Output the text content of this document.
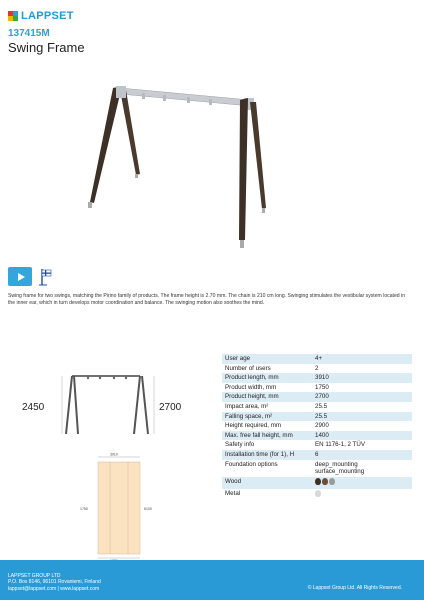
LAPPSET
137415M
Swing Frame
Swing frame for two swings, matching the Pirino family of products. The frame height is 2.70 mm. The chain is 210 cm long. Swinging stimulates the vestibular system located in the inner ear, which in turn develops motor coordination and balance. The swinging motion also soothes the mind.
2450	2700
3910
1750	6100
User age	4+
Number of users	2
Product length, mm	3910
Product width, mm	1750
Product height, mm	2700
Impact area, m²	25.5
Falling space, m²	25.5
Height required, mm	2900
Max. free fall height, mm	1400
Safety info	EN 1176-1, 2 TÜV
Installation time (for 1), H	6
Foundation options	deep_mounting
surface_mounting
Wood	

Metal	
LAPPSET GROUP LTD
P.O. Box 8146, 96101 Rovaniemi, Finland
lappset@lappset.com | www.lappset.com	© Lappset Group Ltd. All Rights Reserved.
